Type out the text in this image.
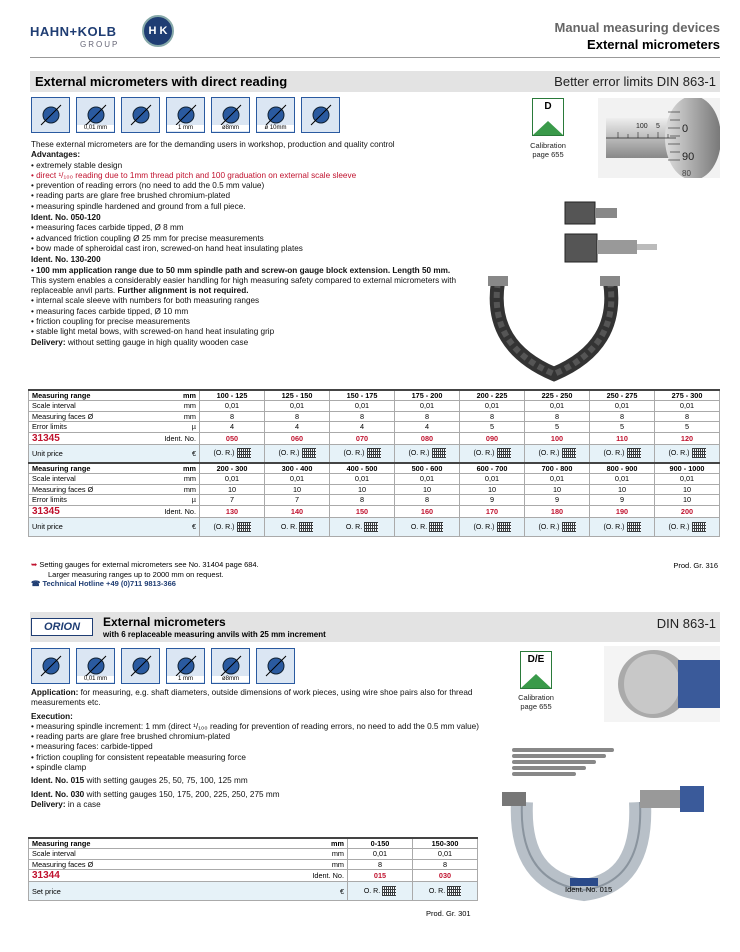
HAHN+KOLB
GROUP
H K	Manual measuring devices
External micrometers
External micrometers with direct reading	Better error limits DIN 863-1
0,01 mm	1 mm	ø8mm	ø 10mm
D
Calibration
page 655
100 5 0
90
80
These external micrometers are for the demanding users in workshop, production and quality control
Advantages:
• extremely stable design
• direct ¹/₁₀₀ reading due to 1mm thread pitch and 100 graduation on external scale sleeve
• prevention of reading errors (no need to add the 0.5 mm value)
• reading parts are glare free brushed chromium-plated
• measuring spindle hardened and ground from a full piece.
Ident. No. 050-120
• measuring faces carbide tipped, Ø 8 mm
• advanced friction coupling Ø 25 mm for precise measurements
• bow made of spheroidal cast iron, screwed-on hand heat insulating plates
Ident. No. 130-200
• 100 mm application range due to 50 mm spindle path and screw-on gauge block extension. Length 50 mm. This system enables a considerably easier handling for high measuring safety compared to external micrometers with replaceable anvil parts. Further alignment is not required.
• internal scale sleeve with numbers for both measuring ranges
• measuring faces carbide tipped, Ø 10 mm
• friction coupling for precise measurements
• stable light metal bows, with screwed-on hand heat insulating grip
Delivery: without setting gauge in high quality wooden case
Measuring range	mm	100 - 125	125 - 150	150 - 175	175 - 200	200 - 225	225 - 250	250 - 275	275 - 300
Scale interval	mm	0,01	0,01	0,01	0,01	0,01	0,01	0,01	0,01
Measuring faces Ø	mm	8	8	8	8	8	8	8	8
Error limits	µ	4	4	4	4	5	5	5	5
31345	Ident. No.	050	060	070	080	090	100	110	120
Unit price	€	(O. R.)	(O. R.)	(O. R.)	(O. R.)	(O. R.)	(O. R.)	(O. R.)	(O. R.)
Measuring range	mm	200 - 300	300 - 400	400 - 500	500 - 600	600 - 700	700 - 800	800 - 900	900 - 1000
Scale interval	mm	0,01	0,01	0,01	0,01	0,01	0,01	0,01	0,01
Measuring faces Ø	mm	10	10	10	10	10	10	10	10
Error limits	µ	7	7	8	8	9	9	9	10
31345	Ident. No.	130	140	150	160	170	180	190	200
Unit price	€	(O. R.)	O. R.	O. R.	O. R.	(O. R.)	(O. R.)	(O. R.)	(O. R.)
➥ Setting gauges for external micrometers see No. 31404 page 684.
Larger measuring ranges up to 2000 mm on request.
☎ Technical Hotline +49 (0)711 9813-366
Prod. Gr. 316
DIN 863-1
ORION	External micrometers
with 6 replaceable measuring anvils with 25 mm increment
0,01 mm	1 mm	ø8mm
D/E
Calibration
page 655
Ident. No. 015
Application: for measuring, e.g. shaft diameters, outside dimensions of work pieces, using wire shoe pairs also for thread measurements etc.
Execution:
• measuring spindle increment: 1 mm (direct ¹/₁₀₀ reading for prevention of reading errors, no need to add the 0.5 mm value)
• reading parts are glare free brushed chromium-plated
• measuring faces: carbide-tipped
• friction coupling for consistent repeatable measuring force
• spindle clamp
Ident. No. 015 with setting gauges 25, 50, 75, 100, 125 mm
Ident. No. 030 with setting gauges 150, 175, 200, 225, 250, 275 mm
Delivery: in a case
Measuring range	mm	0-150	150-300
Scale interval	mm	0,01	0,01
Measuring faces Ø	mm	8	8
31344	Ident. No.	015	030
Set price	€	O. R.	O. R.
Prod. Gr. 301
